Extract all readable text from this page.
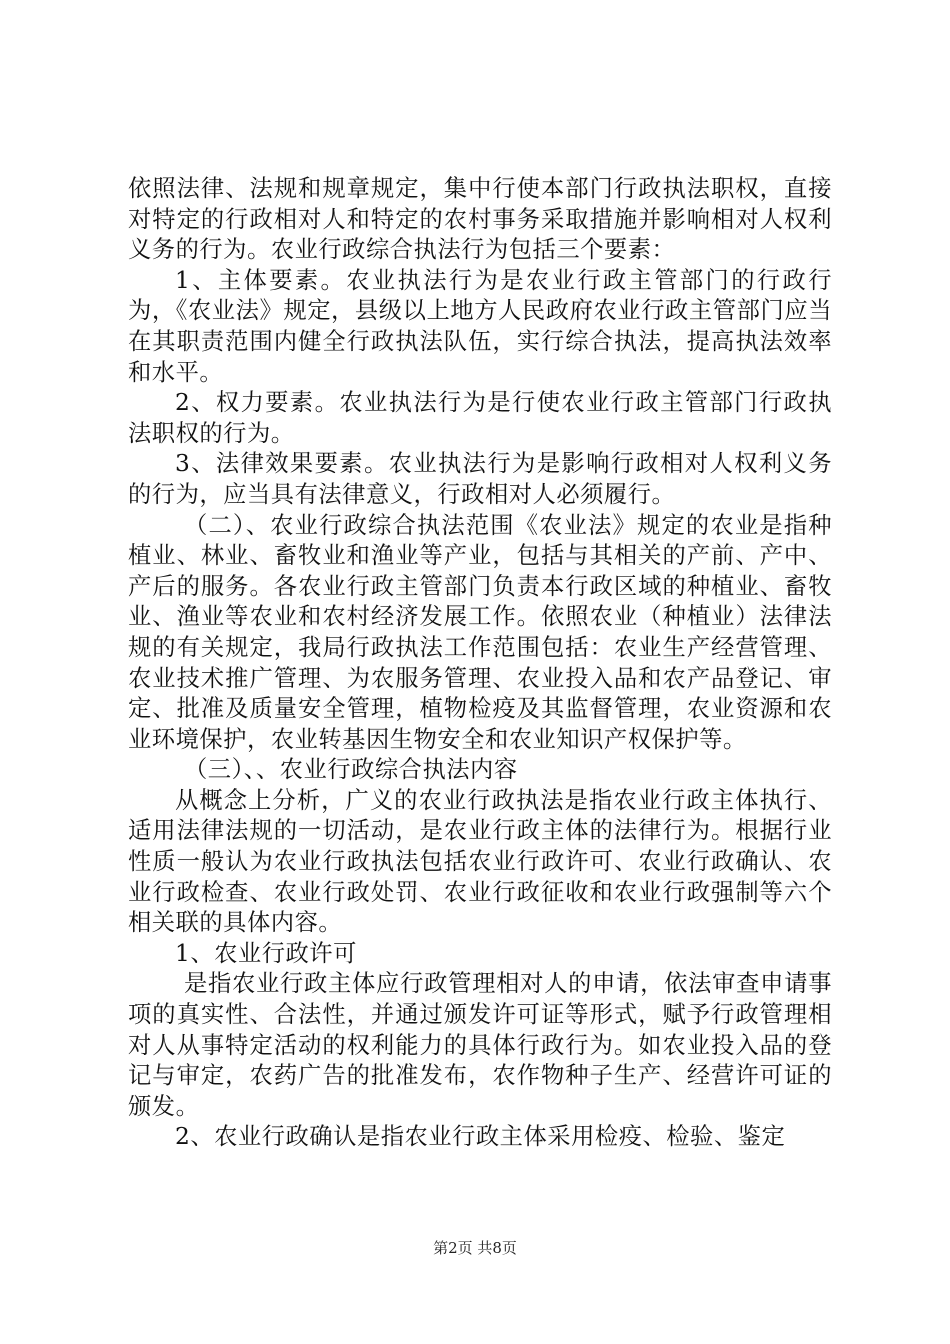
依照法律、法规和规章规定，集中行使本部门行政执法职权，直接对特定的行政相对人和特定的农村事务采取措施并影响相对人权利义务的行为。农业行政综合执法行为包括三个要素：

1、主体要素。农业执法行为是农业行政主管部门的行政行为，《农业法》规定，县级以上地方人民政府农业行政主管部门应当在其职责范围内健全行政执法队伍，实行综合执法，提高执法效率和水平。

2、权力要素。农业执法行为是行使农业行政主管部门行政执法职权的行为。

3、法律效果要素。农业执法行为是影响行政相对人权利义务的行为，应当具有法律意义，行政相对人必须履行。

（二）、农业行政综合执法范围《农业法》规定的农业是指种植业、林业、畜牧业和渔业等产业，包括与其相关的产前、产中、产后的服务。各农业行政主管部门负责本行政区域的种植业、畜牧业、渔业等农业和农村经济发展工作。依照农业（种植业）法律法规的有关规定，我局行政执法工作范围包括：农业生产经营管理、农业技术推广管理、为农服务管理、农业投入品和农产品登记、审定、批准及质量安全管理，植物检疫及其监督管理，农业资源和农业环境保护，农业转基因生物安全和农业知识产权保护等。

（三）、、农业行政综合执法内容

从概念上分析，广义的农业行政执法是指农业行政主体执行、适用法律法规的一切活动，是农业行政主体的法律行为。根据行业性质一般认为农业行政执法包括农业行政许可、农业行政确认、农业行政检查、农业行政处罚、农业行政征收和农业行政强制等六个相关联的具体内容。

1、农业行政许可

是指农业行政主体应行政管理相对人的申请，依法审查申请事项的真实性、合法性，并通过颁发许可证等形式，赋予行政管理相对人从事特定活动的权利能力的具体行政行为。如农业投入品的登记与审定，农药广告的批准发布，农作物种子生产、经营许可证的颁发。

2、农业行政确认是指农业行政主体采用检疫、检验、鉴定

第2页 共8页
